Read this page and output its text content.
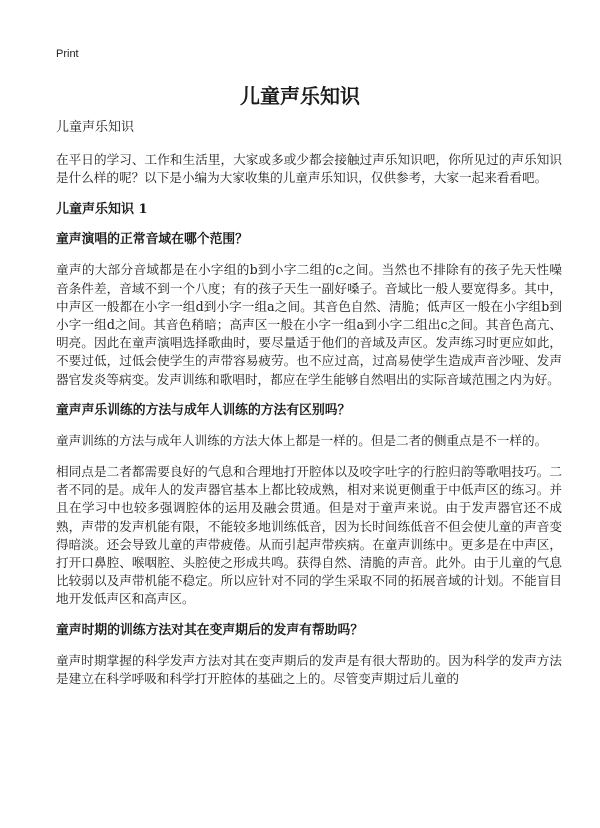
Print
儿童声乐知识
儿童声乐知识

在平日的学习、工作和生活里，大家或多或少都会接触过声乐知识吧，你所见过的声乐知识是什么样的呢？以下是小编为大家收集的儿童声乐知识，仅供参考，大家一起来看看吧。

儿童声乐知识 1
童声演唱的正常音域在哪个范围？

童声的大部分音域都是在小字组的b到小字二组的c之间。当然也不排除有的孩子先天性噪音条件差，音域不到一个八度；有的孩子天生一副好嗓子。音域比一般人要宽得多。其中，中声区一般都在小字一组d到小字一组a之间。其音色自然、清脆；低声区一般在小字组b到小字一组d之间。其音色稍暗；高声区一般在小字一组a到小字二组出c之间。其音色高亢、明亮。因此在童声演唱选择歌曲时，要尽量适于他们的音域及声区。发声练习时更应如此，不要过低，过低会使学生的声带容易疲劳。也不应过高，过高易使学生造成声音沙哑、发声器官发炎等病变。发声训练和歌唱时，都应在学生能够自然唱出的实际音域范围之内为好。

童声声乐训练的方法与成年人训练的方法有区别吗？

童声训练的方法与成年人训练的方法大体上都是一样的。但是二者的侧重点是不一样的。

相同点是二者都需要良好的气息和合理地打开腔体以及咬字吐字的行腔归韵等歌唱技巧。二者不同的是。成年人的发声器官基本上都比较成熟，相对来说更侧重于中低声区的练习。并且在学习中也较多强调腔体的运用及融会贯通。但是对于童声来说。由于发声器官还不成熟，声带的发声机能有限，不能较多地训练低音，因为长时间练低音不但会使儿童的声音变得暗淡。还会导致儿童的声带疲倦。从而引起声带疾病。在童声训练中。更多是在中声区，打开口鼻腔、喉咽腔、头腔使之形成共鸣。获得自然、清脆的声音。此外。由于儿童的气息比较弱以及声带机能不稳定。所以应针对不同的学生采取不同的拓展音域的计划。不能盲目地开发低声区和高声区。

童声时期的训练方法对其在变声期后的发声有帮助吗？

童声时期掌握的科学发声方法对其在变声期后的发声是有很大帮助的。因为科学的发声方法是建立在科学呼吸和科学打开腔体的基础之上的。尽管变声期过后儿童的
